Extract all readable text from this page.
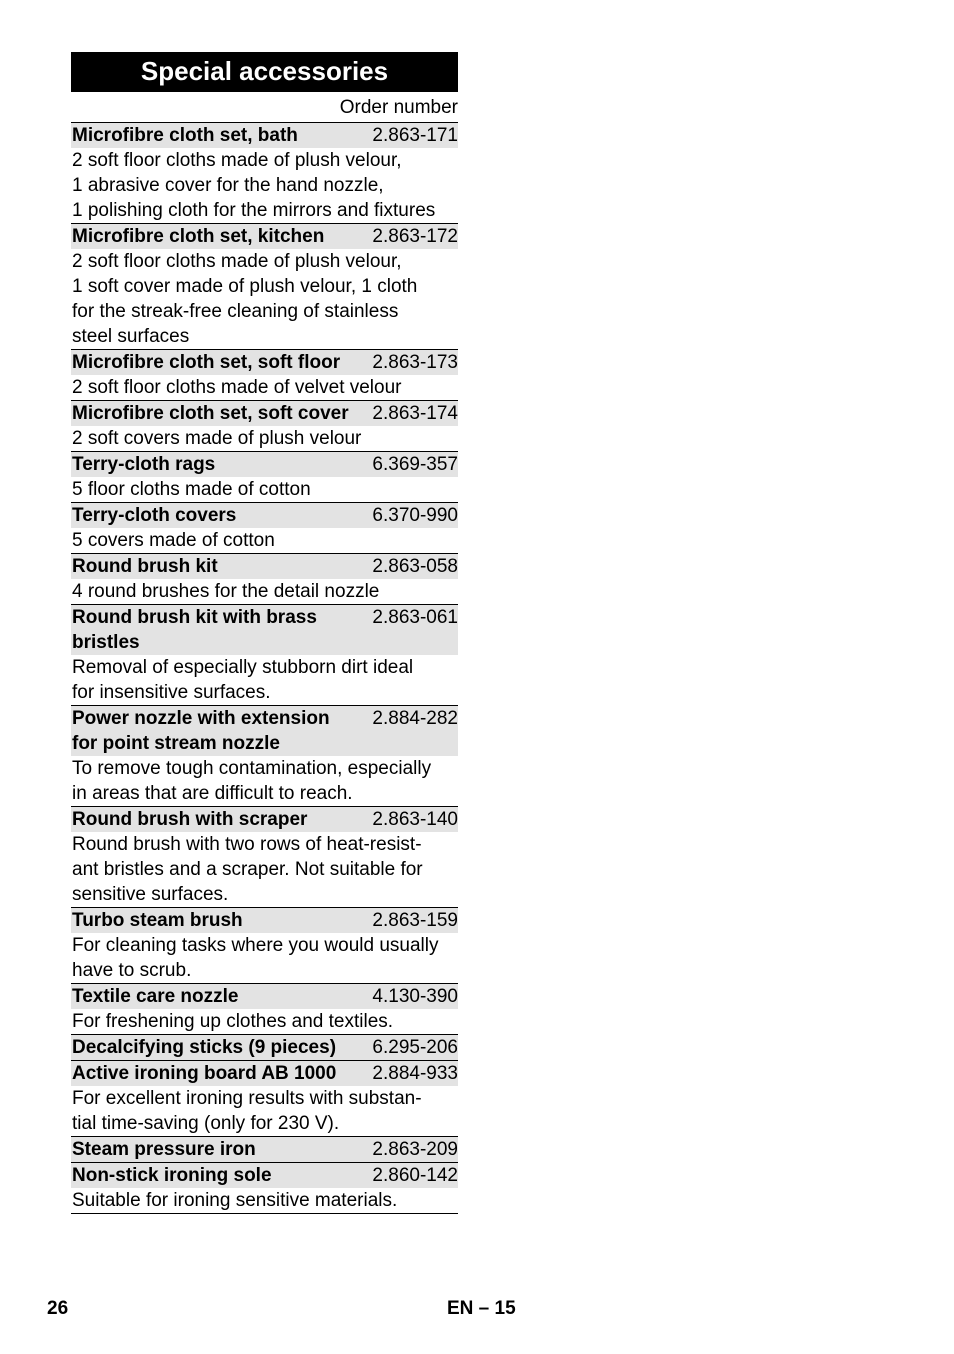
Special accessories
Order number
Microfibre cloth set, bath	2.863-171
2 soft floor cloths made of plush velour,
1 abrasive cover for the hand nozzle,
1 polishing cloth for the mirrors and fixtures
Microfibre cloth set, kitchen	2.863-172
2 soft floor cloths made of plush velour,
1 soft cover made of plush velour, 1 cloth
for the streak-free cleaning of stainless
steel surfaces
Microfibre cloth set, soft floor	2.863-173
2 soft floor cloths made of velvet velour
Microfibre cloth set, soft cover	2.863-174
2 soft covers made of plush velour
Terry-cloth rags	6.369-357
5 floor cloths made of cotton
Terry-cloth covers	6.370-990
5 covers made of cotton
Round brush kit	2.863-058
4 round brushes for the detail nozzle
Round brush kit with brass
bristles
2.863-061
Removal of especially stubborn dirt ideal
for insensitive surfaces.
Power nozzle with extension
for point stream nozzle
2.884-282
To remove tough contamination, especially
in areas that are difficult to reach.
Round brush with scraper	2.863-140
Round brush with two rows of heat-resist-
ant bristles and a scraper. Not suitable for
sensitive surfaces.
Turbo steam brush	2.863-159
For cleaning tasks where you would usually
have to scrub.
Textile care nozzle	4.130-390
For freshening up clothes and textiles.
Decalcifying sticks (9 pieces)	6.295-206
Active ironing board AB 1000	2.884-933
For excellent ironing results with substan-
tial time-saving (only for 230 V).
Steam pressure iron	2.863-209
Non-stick ironing sole	2.860-142
Suitable for ironing sensitive materials.
26	EN – 15
